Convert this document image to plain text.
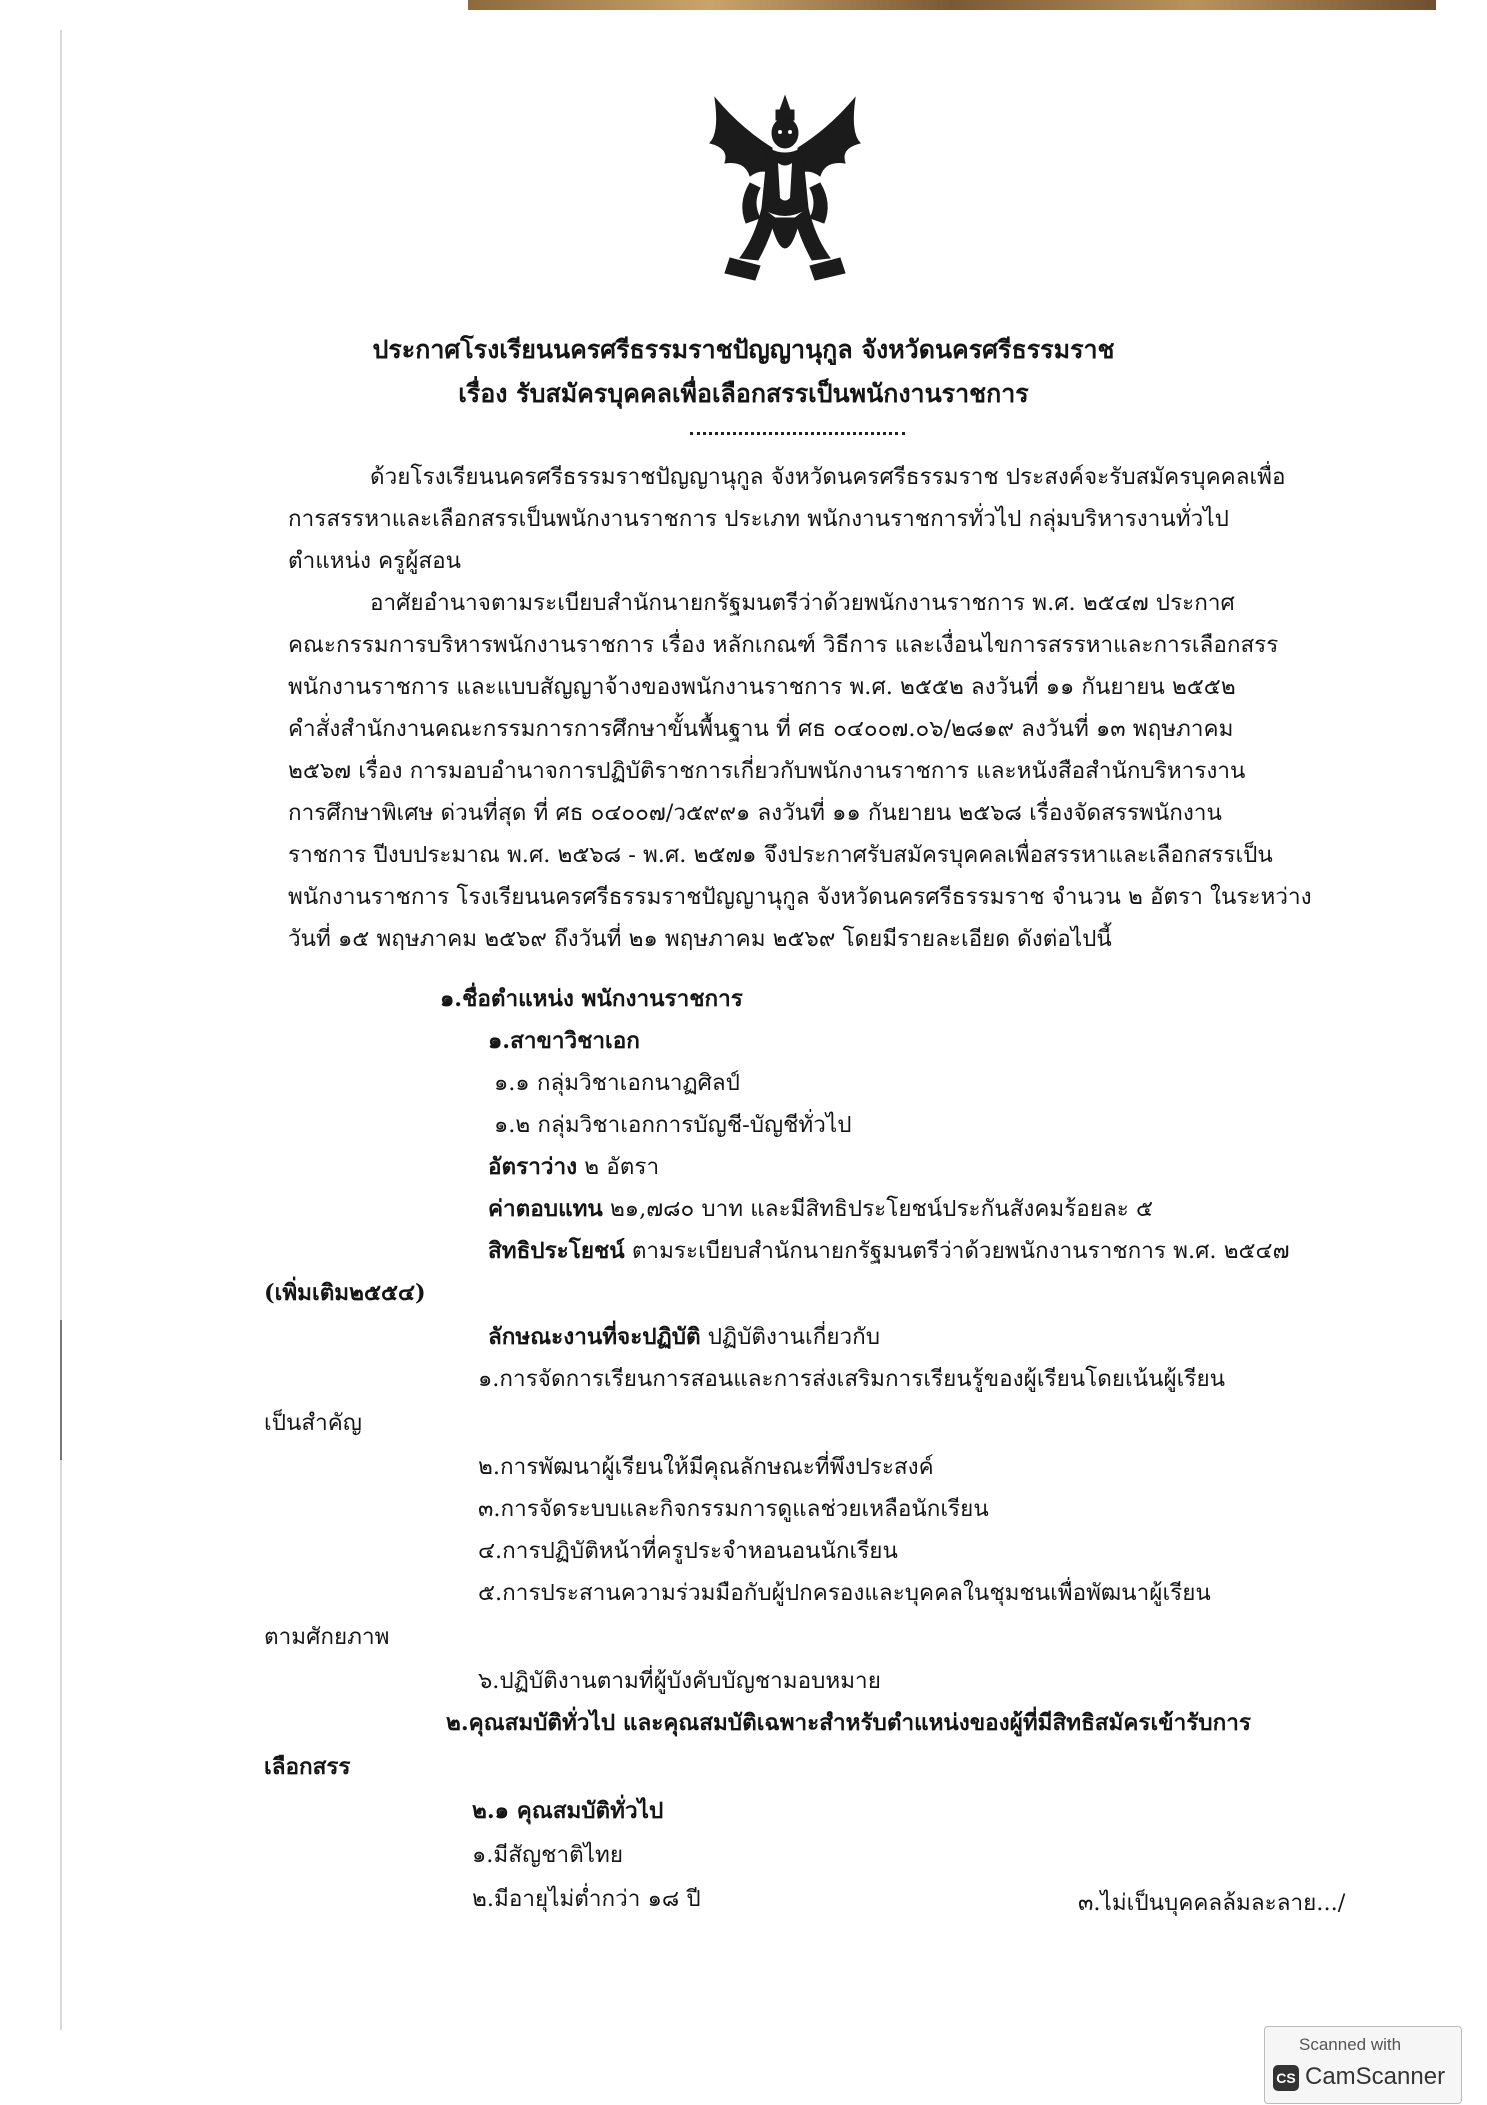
ประกาศโรงเรียนนครศรีธรรมราชปัญญานุกูล จังหวัดนครศรีธรรมราช
เรื่อง รับสมัครบุคคลเพื่อเลือกสรรเป็นพนักงานราชการ
ด้วยโรงเรียนนครศรีธรรมราชปัญญานุกูล จังหวัดนครศรีธรรมราช ประสงค์จะรับสมัครบุคคลเพื่อ
การสรรหาและเลือกสรรเป็นพนักงานราชการ ประเภท พนักงานราชการทั่วไป กลุ่มบริหารงานทั่วไป
ตำแหน่ง ครูผู้สอน
อาศัยอำนาจตามระเบียบสำนักนายกรัฐมนตรีว่าด้วยพนักงานราชการ พ.ศ. ๒๕๔๗ ประกาศ
คณะกรรมการบริหารพนักงานราชการ เรื่อง หลักเกณฑ์ วิธีการ และเงื่อนไขการสรรหาและการเลือกสรร
พนักงานราชการ และแบบสัญญาจ้างของพนักงานราชการ พ.ศ. ๒๕๕๒ ลงวันที่ ๑๑ กันยายน ๒๕๕๒
คำสั่งสำนักงานคณะกรรมการการศึกษาขั้นพื้นฐาน ที่ ศธ ๐๔๐๐๗.๐๖/๒๘๑๙ ลงวันที่ ๑๓ พฤษภาคม
๒๕๖๗ เรื่อง การมอบอำนาจการปฏิบัติราชการเกี่ยวกับพนักงานราชการ และหนังสือสำนักบริหารงาน
การศึกษาพิเศษ ด่วนที่สุด ที่ ศธ ๐๔๐๐๗/ว๕๙๙๑ ลงวันที่ ๑๑ กันยายน ๒๕๖๘ เรื่องจัดสรรพนักงาน
ราชการ ปีงบประมาณ พ.ศ. ๒๕๖๘ - พ.ศ. ๒๕๗๑ จึงประกาศรับสมัครบุคคลเพื่อสรรหาและเลือกสรรเป็น
พนักงานราชการ โรงเรียนนครศรีธรรมราชปัญญานุกูล จังหวัดนครศรีธรรมราช จำนวน ๒ อัตรา ในระหว่าง
วันที่ ๑๕ พฤษภาคม ๒๕๖๙ ถึงวันที่ ๒๑ พฤษภาคม ๒๕๖๙ โดยมีรายละเอียด ดังต่อไปนี้
๑.ชื่อตำแหน่ง พนักงานราชการ
๑.สาขาวิชาเอก
๑.๑ กลุ่มวิชาเอกนาฏศิลป์
๑.๒ กลุ่มวิชาเอกการบัญชี-บัญชีทั่วไป
อัตราว่าง ๒ อัตรา
ค่าตอบแทน ๒๑,๗๘๐ บาท และมีสิทธิประโยชน์ประกันสังคมร้อยละ ๕
สิทธิประโยชน์ ตามระเบียบสำนักนายกรัฐมนตรีว่าด้วยพนักงานราชการ พ.ศ. ๒๕๔๗
(เพิ่มเติม๒๕๕๔)
ลักษณะงานที่จะปฏิบัติ ปฏิบัติงานเกี่ยวกับ
๑.การจัดการเรียนการสอนและการส่งเสริมการเรียนรู้ของผู้เรียนโดยเน้นผู้เรียน
เป็นสำคัญ
๒.การพัฒนาผู้เรียนให้มีคุณลักษณะที่พึงประสงค์
๓.การจัดระบบและกิจกรรมการดูแลช่วยเหลือนักเรียน
๔.การปฏิบัติหน้าที่ครูประจำหอนอนนักเรียน
๕.การประสานความร่วมมือกับผู้ปกครองและบุคคลในชุมชนเพื่อพัฒนาผู้เรียน
ตามศักยภาพ
๖.ปฏิบัติงานตามที่ผู้บังคับบัญชามอบหมาย
๒.คุณสมบัติทั่วไป และคุณสมบัติเฉพาะสำหรับตำแหน่งของผู้ที่มีสิทธิสมัครเข้ารับการ
เลือกสรร
๒.๑ คุณสมบัติทั่วไป
๑.มีสัญชาติไทย
๒.มีอายุไม่ต่ำกว่า ๑๘ ปี	๓.ไม่เป็นบุคคลล้มละลาย.../
Scanned with
CS CamScanner
